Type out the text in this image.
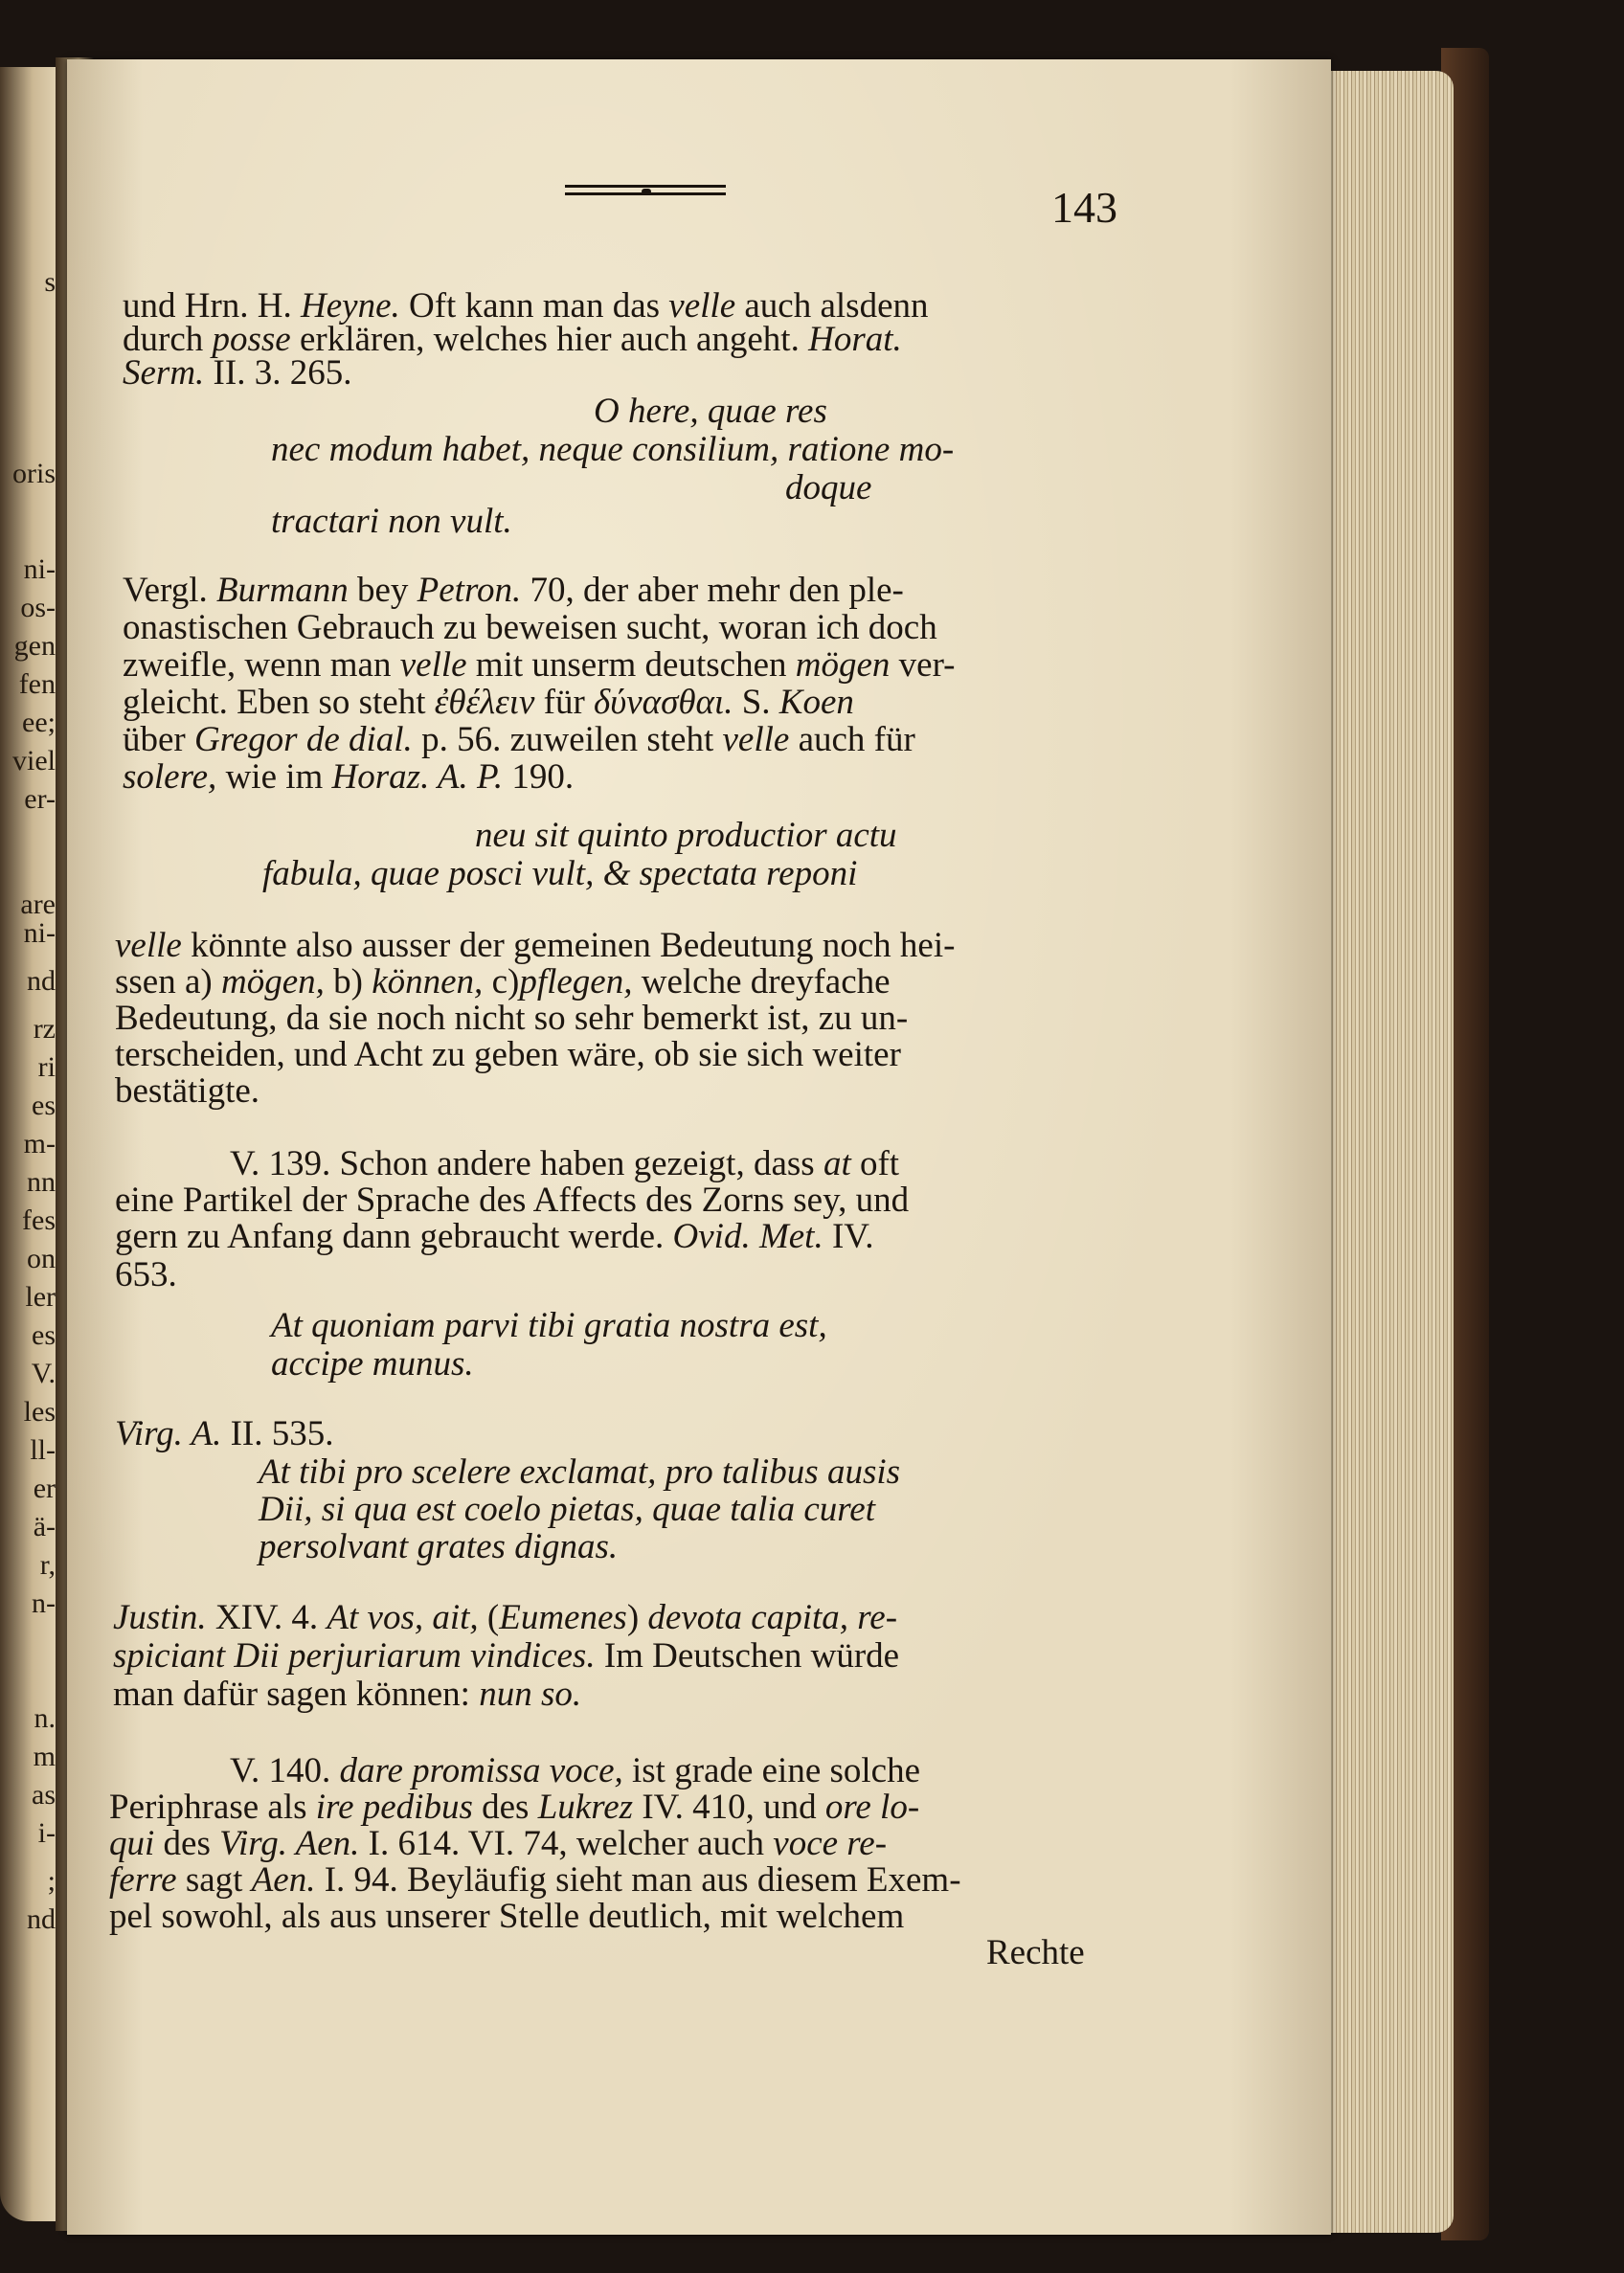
s
oris
ni-
os-
gen
fen
ee;
viel
er-
are
ni-
nd
rz
ri
es
m-
nn
fes
on
ler
es
V.
les
ll-
er
ä-
r,
n-
n.
m
as
i-
;
nd
143
und Hrn. H. Heyne. Oft kann man das velle auch alsdenn
durch posse erklären, welches hier auch angeht. Horat.
Serm. II. 3. 265.
O here, quae res
nec modum habet, neque consilium, ratione mo-
doque
tractari non vult.
Vergl. Burmann bey Petron. 70, der aber mehr den ple-
onastischen Gebrauch zu beweisen sucht, woran ich doch
zweifle, wenn man velle mit unserm deutschen mögen ver-
gleicht. Eben so steht ἐθέλειν für δύνασθαι. S. Koen
über Gregor de dial. p. 56. zuweilen steht velle auch für
solere, wie im Horaz. A. P. 190.
neu sit quinto productior actu
fabula, quae posci vult, & spectata reponi
velle könnte also ausser der gemeinen Bedeutung noch hei-
ssen a) mögen, b) können, c)pflegen, welche dreyfache
Bedeutung, da sie noch nicht so sehr bemerkt ist, zu un-
terscheiden, und Acht zu geben wäre, ob sie sich weiter
bestätigte.
V. 139. Schon andere haben gezeigt, dass at oft
eine Partikel der Sprache des Affects des Zorns sey, und
gern zu Anfang dann gebraucht werde. Ovid. Met. IV.
653.
At quoniam parvi tibi gratia nostra est,
accipe munus.
Virg. A. II. 535.
At tibi pro scelere exclamat, pro talibus ausis
Dii, si qua est coelo pietas, quae talia curet
persolvant grates dignas.
Justin. XIV. 4. At vos, ait, (Eumenes) devota capita, re-
spiciant Dii perjuriarum vindices. Im Deutschen würde
man dafür sagen können: nun so.
V. 140. dare promissa voce, ist grade eine solche
Periphrase als ire pedibus des Lukrez IV. 410, und ore lo-
qui des Virg. Aen. I. 614. VI. 74, welcher auch voce re-
ferre sagt Aen. I. 94. Beyläufig sieht man aus diesem Exem-
pel sowohl, als aus unserer Stelle deutlich, mit welchem
Rechte
